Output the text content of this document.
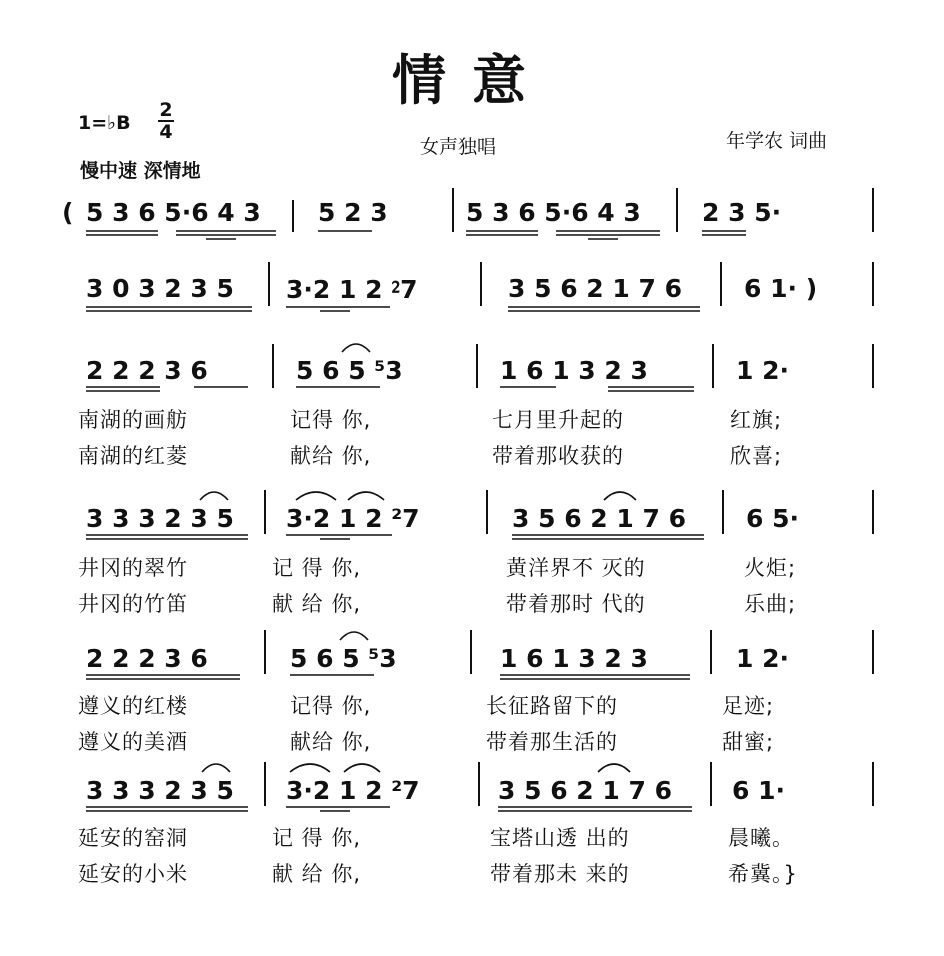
情意
1=♭B
2
4
慢中速 深情地
女声独唱	年学农 词曲
( 5 3 6 5·6 4 3 5 2 3	5 3 6 5·6 4 3 2 3 5·
3 0 3 2 3 5 3·2 1 2 ⁲7	3 5 6 2 1 7 6 6 1· )
2 2 2 3 6	5 6 5 ⁵3	1 6 1 3 2 3	1 2·
南湖的画舫	记得 你,	七月里升起的	红旗;
南湖的红菱	献给 你,	带着那收获的	欣喜;
3 3 3 2 3 5 3·2 1 2 ²7	3 5 6 2 1 7 6 6 5·
井冈的翠竹	记 得 你,	黄洋界不 灭的	火炬;
井冈的竹笛	献 给 你,	带着那时 代的	乐曲;
2 2 2 3 6	5 6 5 ⁵3	1 6 1 3 2 3	1 2·
遵义的红楼	记得 你,	长征路留下的	足迹;
遵义的美酒	献给 你,	带着那生活的	甜蜜;
3 3 3 2 3 5 3·2 1 2 ²7	3 5 6 2 1 7 6 6 1·
延安的窑洞	记 得 你,	宝塔山透 出的	晨曦。
延安的小米	献 给 你,	带着那未 来的	希冀。}
